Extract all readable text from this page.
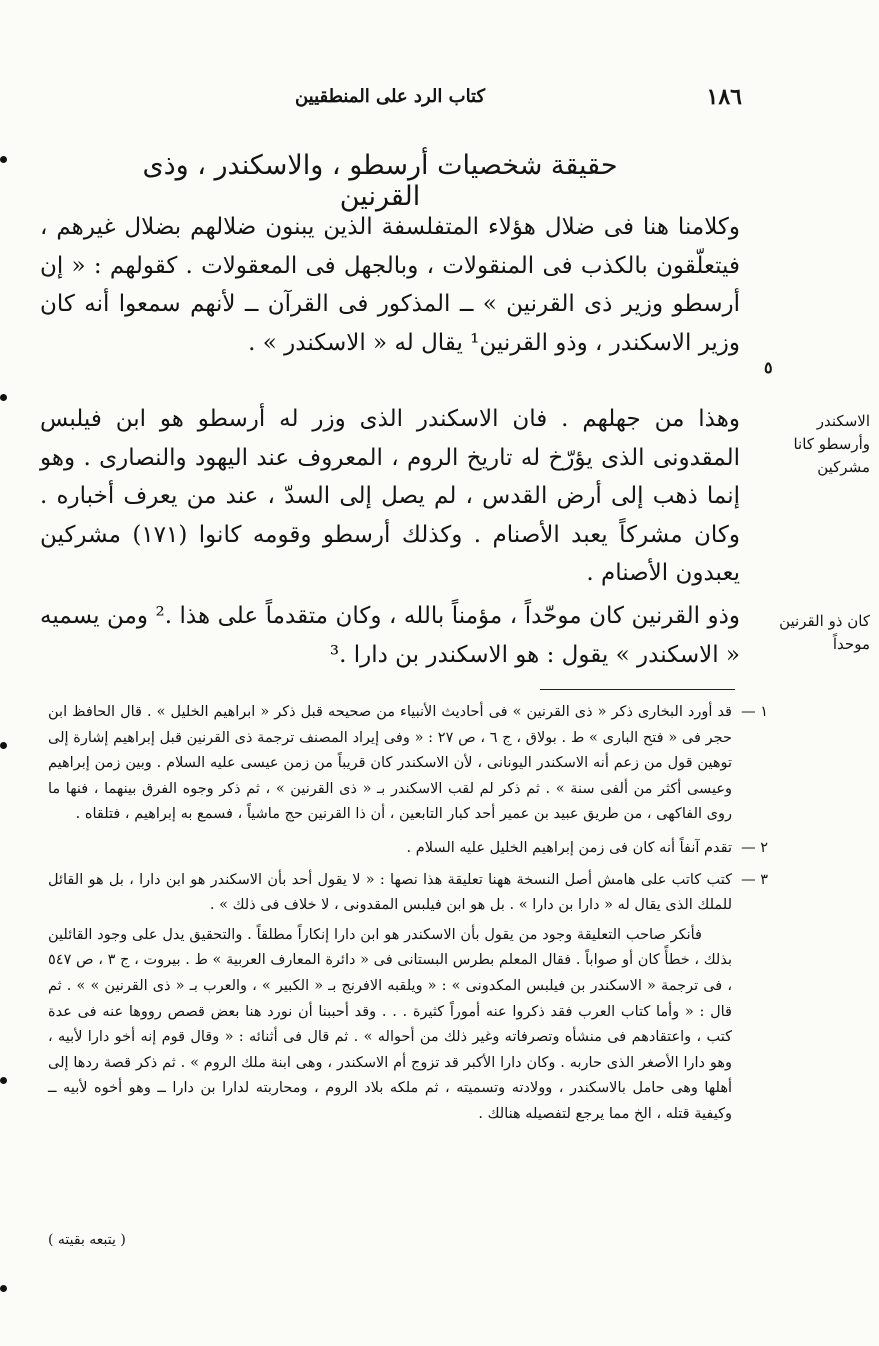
كتاب الرد على المنطقيين	١٨٦
حقيقة شخصيات أرسطو ، والاسكندر ، وذى القرنين
وكلامنا هنا فى ضلال هؤلاء المتفلسفة الذين يبنون ضلالهم بضلال غيرهم ، فيتعلّقون بالكذب فى المنقولات ، وبالجهل فى المعقولات . كقولهم : « إن أرسطو وزير ذى القرنين » ــ المذكور فى القرآن ــ لأنهم سمعوا أنه كان وزير الاسكندر ، وذو القرنين¹ يقال له « الاسكندر » .
وهذا من جهلهم . فان الاسكندر الذى وزر له أرسطو هو ابن فيلبس المقدونى الذى يؤرّخ له تاريخ الروم ، المعروف عند اليهود والنصارى . وهو إنما ذهب إلى أرض القدس ، لم يصل إلى السدّ ، عند من يعرف أخباره . وكان مشركاً يعبد الأصنام . وكذلك أرسطو وقومه كانوا (١٧١) مشركين يعبدون الأصنام .
وذو القرنين كان موحّداً ، مؤمناً بالله ، وكان متقدماً على هذا .² ومن يسميه « الاسكندر » يقول : هو الاسكندر بن دارا .³
٥
الاسكندر وأرسطو كانا مشركين
كان ذو القرنين موحداً
١ —
قد أورد البخارى ذكر « ذى القرنين » فى أحاديث الأنبياء من صحيحه قبل ذكر « ابراهيم الخليل » . قال الحافظ ابن حجر فى « فتح البارى » ط . بولاق ، ج ٦ ، ص ٢٧ : « وفى إيراد المصنف ترجمة ذى القرنين قبل إبراهيم إشارة إلى توهين قول من زعم أنه الاسكندر اليونانى ، لأن الاسكندر كان قريباً من زمن عيسى عليه السلام . وبين زمن إبراهيم وعيسى أكثر من ألفى سنة » . ثم ذكر لم لقب الاسكندر بـ « ذى القرنين » ، ثم ذكر وجوه الفرق بينهما ، فنها ما روى الفاكهى ، من طريق عبيد بن عمير أحد كبار التابعين ، أن ذا القرنين حج ماشياً ، فسمع به إبراهيم ، فتلقاه .
٢ —
تقدم آنفاً أنه كان فى زمن إبراهيم الخليل عليه السلام .
٣ —
كتب كاتب على هامش أصل النسخة ههنا تعليقة هذا نصها : « لا يقول أحد بأن الاسكندر هو ابن دارا ، بل هو القائل للملك الذى يقال له « دارا بن دارا » . بل هو ابن فيلبس المقدونى ، لا خلاف فى ذلك » .
فأنكر صاحب التعليقة وجود من يقول بأن الاسكندر هو ابن دارا إنكاراً مطلقاً . والتحقيق يدل على وجود القائلين بذلك ، خطأً كان أو صواباً . فقال المعلم بطرس البستانى فى « دائرة المعارف العربية » ط . بيروت ، ج ٣ ، ص ٥٤٧ ، فى ترجمة « الاسكندر بن فيلبس المكدونى » : « ويلقبه الافرنج بـ « الكبير » ، والعرب بـ « ذى القرنين » » . ثم قال : « وأما كتاب العرب فقد ذكروا عنه أموراً كثيرة . . . وقد أحببنا أن نورد هنا بعض قصص رووها عنه فى عدة كتب ، واعتقادهم فى منشأه وتصرفاته وغير ذلك من أحواله » . ثم قال فى أثنائه : « وقال قوم إنه أخو دارا لأبيه ، وهو دارا الأصغر الذى حاربه . وكان دارا الأكبر قد تزوج أم الاسكندر ، وهى ابنة ملك الروم » . ثم ذكر قصة ردها إلى أهلها وهى حامل بالاسكندر ، وولادته وتسميته ، ثم ملكه بلاد الروم ، ومحاربته لدارا بن دارا ــ وهو أخوه لأبيه ــ وكيفية قتله ، الخ مما يرجع لتفصيله هنالك .
( يتبعه بقيته )
